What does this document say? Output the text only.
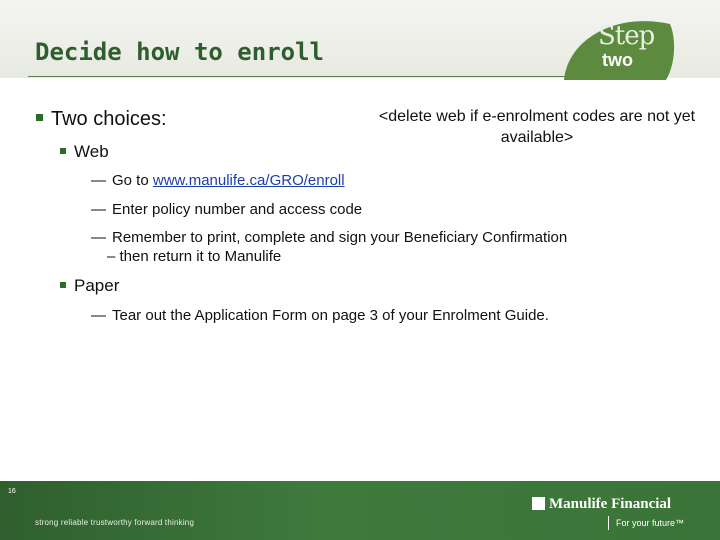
Decide how to enroll
Step
two
Two choices:	<delete web if e-enrolment codes are not yet available>
Web
— Go to www.manulife.ca/GRO/enroll
— Enter policy number and access code
— Remember to print, complete and sign your Beneficiary Confirmation
– then return it to Manulife
Paper
— Tear out the Application Form on page 3 of your Enrolment Guide.
16
strong reliable trustworthy forward thinking
Manulife Financial
For your future™
